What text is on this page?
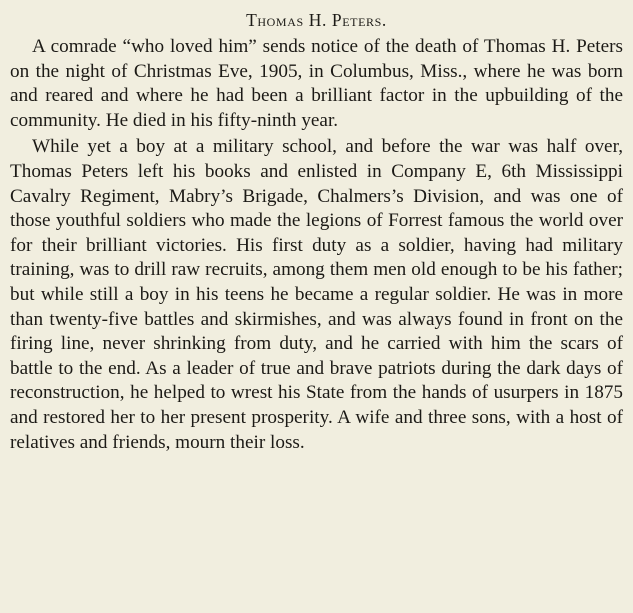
Thomas H. Peters.

A comrade “who loved him” sends notice of the death of Thomas H. Peters on the night of Christmas Eve, 1905, in Columbus, Miss., where he was born and reared and where he had been a brilliant factor in the upbuilding of the community. He died in his fifty-ninth year.

While yet a boy at a military school, and before the war was half over, Thomas Peters left his books and enlisted in Company E, 6th Mississippi Cavalry Regiment, Mabry’s Brigade, Chalmers’s Division, and was one of those youthful soldiers who made the legions of Forrest famous the world over for their brilliant victories. His first duty as a soldier, having had military training, was to drill raw recruits, among them men old enough to be his father; but while still a boy in his teens he became a regular soldier. He was in more than twenty-five battles and skirmishes, and was always found in front on the firing line, never shrinking from duty, and he carried with him the scars of battle to the end. As a leader of true and brave patriots during the dark days of reconstruction, he helped to wrest his State from the hands of usurpers in 1875 and restored her to her present prosperity. A wife and three sons, with a host of relatives and friends, mourn their loss.
